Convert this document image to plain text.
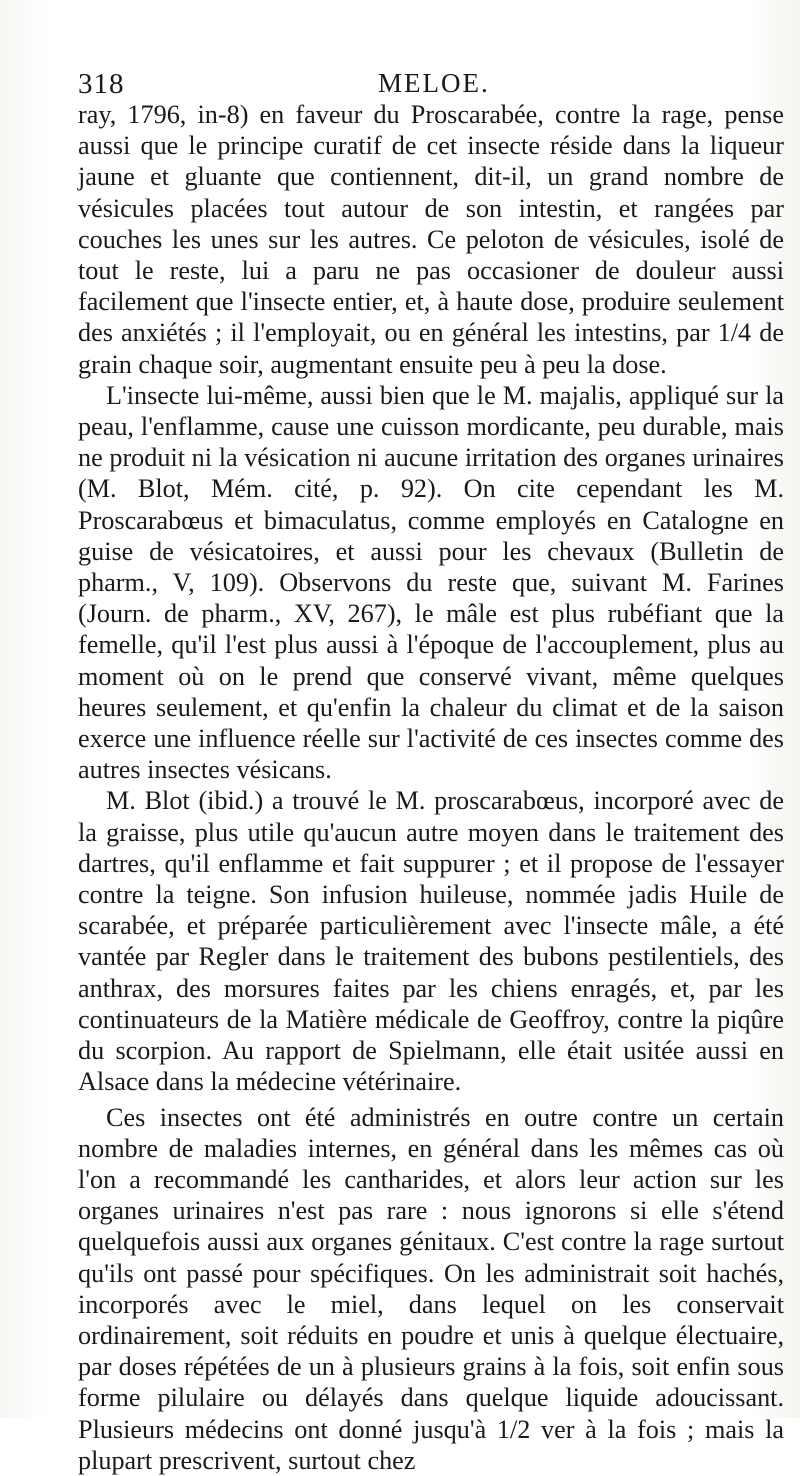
318	MELOE.

ray, 1796, in-8) en faveur du Proscarabée, contre la rage, pense aussi que le principe curatif de cet insecte réside dans la liqueur jaune et gluante que contiennent, dit-il, un grand nombre de vésicules placées tout autour de son intestin, et rangées par couches les unes sur les autres. Ce peloton de vésicules, isolé de tout le reste, lui a paru ne pas occasioner de douleur aussi facilement que l'insecte entier, et, à haute dose, produire seulement des anxiétés ; il l'employait, ou en général les intestins, par 1/4 de grain chaque soir, augmentant ensuite peu à peu la dose.

L'insecte lui-même, aussi bien que le M. majalis, appliqué sur la peau, l'enflamme, cause une cuisson mordicante, peu durable, mais ne produit ni la vésication ni aucune irritation des organes urinaires (M. Blot, Mém. cité, p. 92). On cite cependant les M. Proscarabœus et bimaculatus, comme employés en Catalogne en guise de vésicatoires, et aussi pour les chevaux (Bulletin de pharm., V, 109). Observons du reste que, suivant M. Farines (Journ. de pharm., XV, 267), le mâle est plus rubéfiant que la femelle, qu'il l'est plus aussi à l'époque de l'accouplement, plus au moment où on le prend que conservé vivant, même quelques heures seulement, et qu'enfin la chaleur du climat et de la saison exerce une influence réelle sur l'activité de ces insectes comme des autres insectes vésicans.

M. Blot (ibid.) a trouvé le M. proscarabœus, incorporé avec de la graisse, plus utile qu'aucun autre moyen dans le traitement des dartres, qu'il enflamme et fait suppurer ; et il propose de l'essayer contre la teigne. Son infusion huileuse, nommée jadis Huile de scarabée, et préparée particulièrement avec l'insecte mâle, a été vantée par Regler dans le traitement des bubons pestilentiels, des anthrax, des morsures faites par les chiens enragés, et, par les continuateurs de la Matière médicale de Geoffroy, contre la piqûre du scorpion. Au rapport de Spielmann, elle était usitée aussi en Alsace dans la médecine vétérinaire.

Ces insectes ont été administrés en outre contre un certain nombre de maladies internes, en général dans les mêmes cas où l'on a recommandé les cantharides, et alors leur action sur les organes urinaires n'est pas rare : nous ignorons si elle s'étend quelquefois aussi aux organes génitaux. C'est contre la rage surtout qu'ils ont passé pour spécifiques. On les administrait soit hachés, incorporés avec le miel, dans lequel on les conservait ordinairement, soit réduits en poudre et unis à quelque électuaire, par doses répétées de un à plusieurs grains à la fois, soit enfin sous forme pilulaire ou délayés dans quelque liquide adoucissant. Plusieurs médecins ont donné jusqu'à 1/2 ver à la fois ; mais la plupart prescrivent, surtout chez
